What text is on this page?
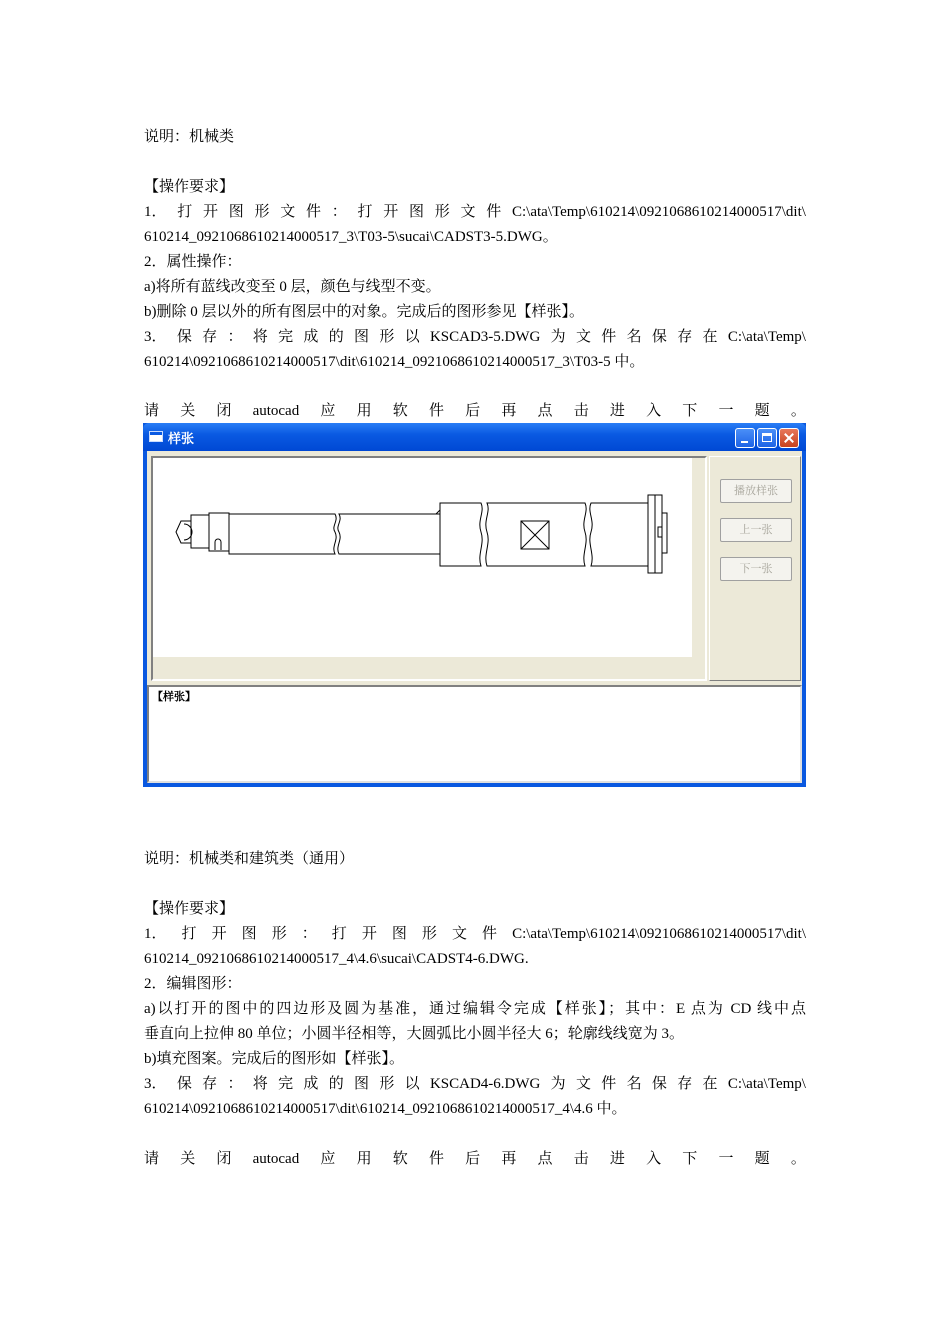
说明：机械类
【操作要求】
1． 打 开 图 形 文 件 ： 打 开 图 形 文 件 C:\ata\Temp\610214\0921068610214000517\dit\
610214_0921068610214000517_3\T03-5\sucai\CADST3-5.DWG。
2．属性操作：
a)将所有蓝线改变至 0 层，颜色与线型不变。
b)删除 0 层以外的所有图层中的对象。完成后的图形参见【样张】。
3． 保 存 ： 将 完 成 的 图 形 以 KSCAD3-5.DWG 为 文 件 名 保 存 在 C:\ata\Temp\
610214\0921068610214000517\dit\610214_0921068610214000517_3\T03-5 中。
请 关 闭 autocad 应 用 软 件 后 再 点 击 进 入 下 一 题 。
样张
播放样张
上一张
下一张
【样张】
说明：机械类和建筑类（通用）
【操作要求】
1． 打 开 图 形 ： 打 开 图 形 文 件 C:\ata\Temp\610214\0921068610214000517\dit\
610214_0921068610214000517_4\4.6\sucai\CADST4-6.DWG.
2．编辑图形：
a)以打开的图中的四边形及圆为基准，通过编辑令完成【样张】；其中：E 点为 CD 线中点
垂直向上拉伸 80 单位；小圆半径相等，大圆弧比小圆半径大 6；轮廓线线宽为 3。
b)填充图案。完成后的图形如【样张】。
3． 保 存 ： 将 完 成 的 图 形 以 KSCAD4-6.DWG 为 文 件 名 保 存 在 C:\ata\Temp\
610214\0921068610214000517\dit\610214_0921068610214000517_4\4.6 中。
请 关 闭 autocad 应 用 软 件 后 再 点 击 进 入 下 一 题 。
